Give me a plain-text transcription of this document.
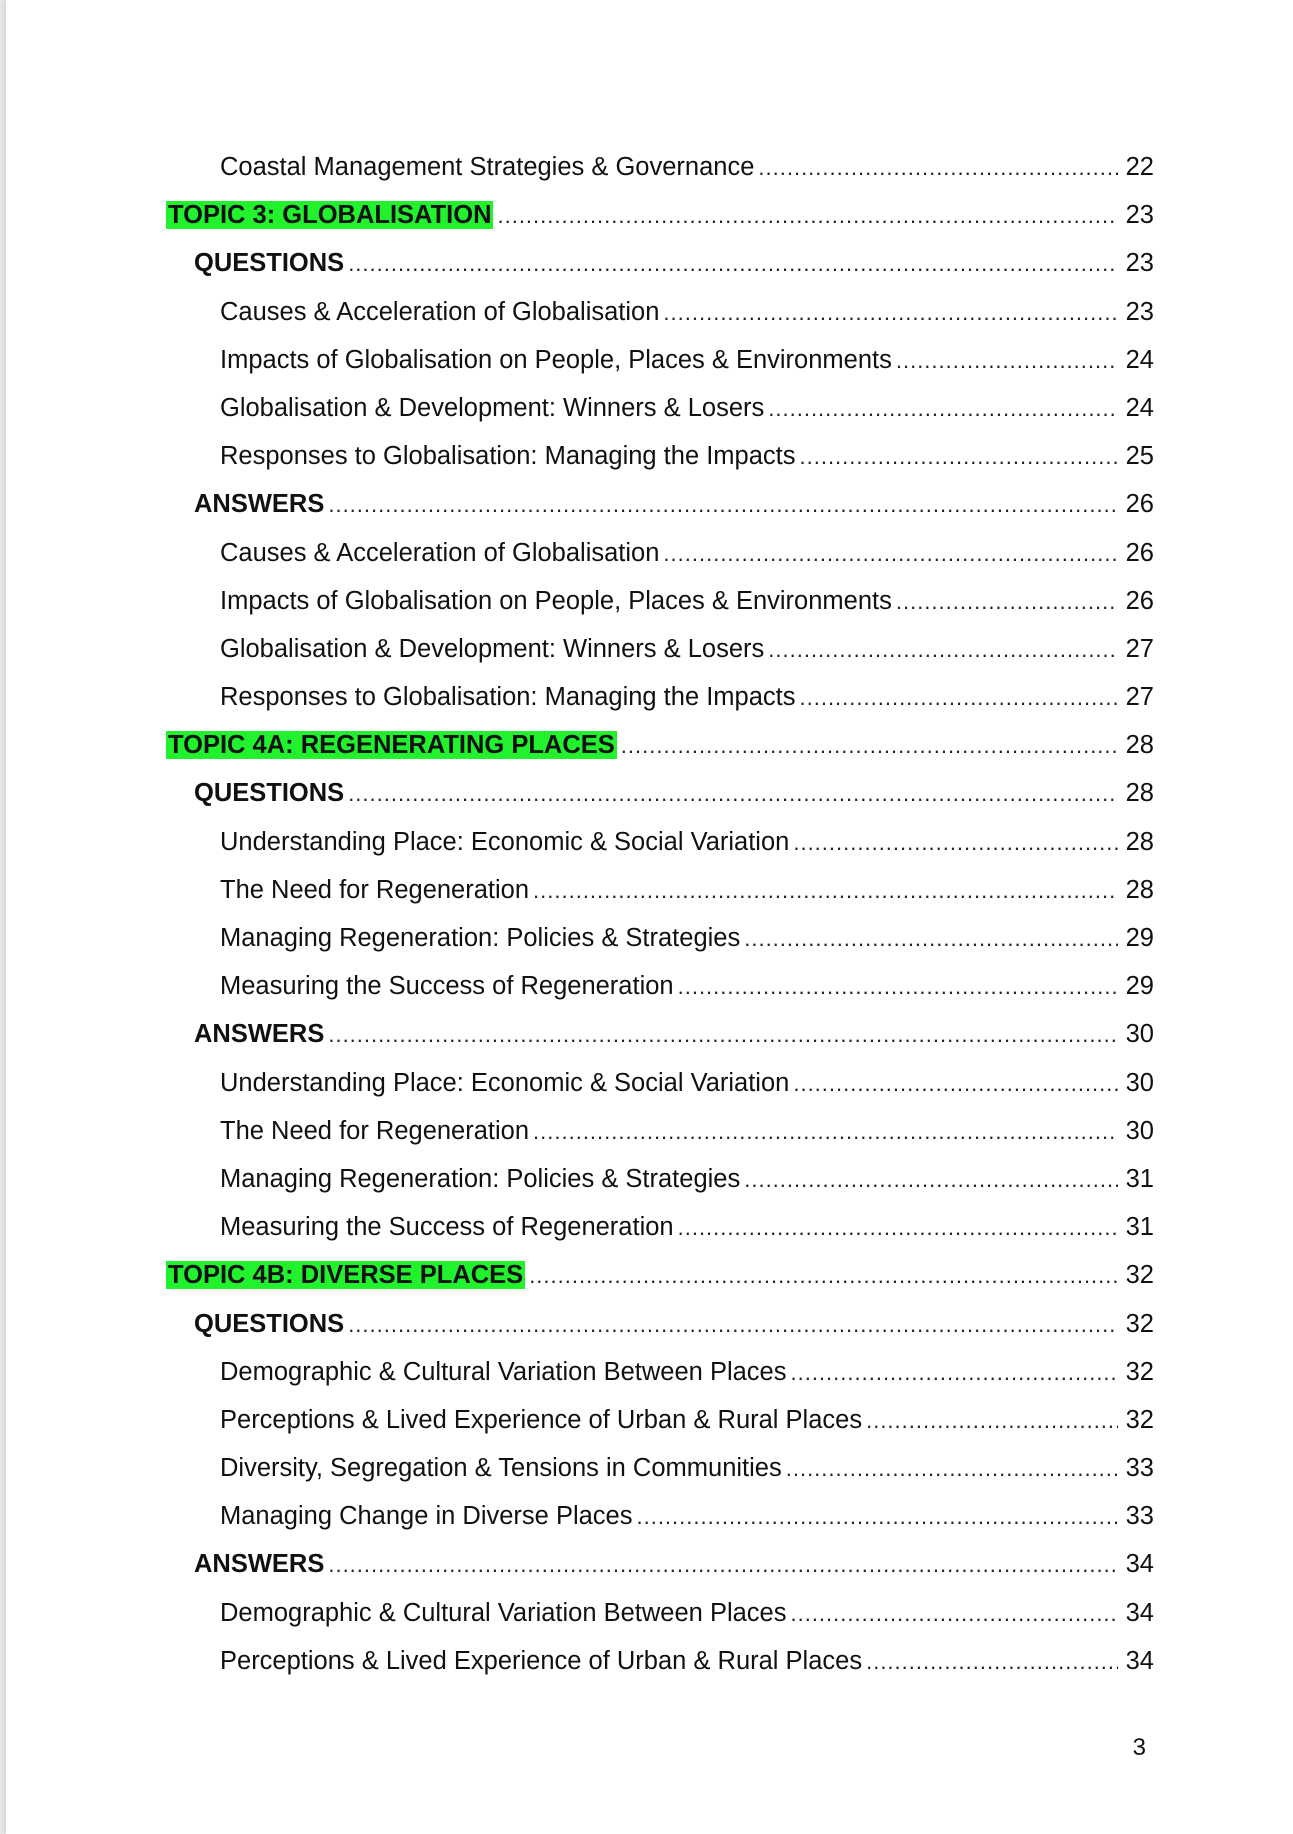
Coastal Management Strategies & Governance .....	22
TOPIC 3: GLOBALISATION .....	23
QUESTIONS .....	23
Causes & Acceleration of Globalisation .....	23
Impacts of Globalisation on People, Places & Environments .....	24
Globalisation & Development: Winners & Losers .....	24
Responses to Globalisation: Managing the Impacts .....	25
ANSWERS .....	26
Causes & Acceleration of Globalisation .....	26
Impacts of Globalisation on People, Places & Environments .....	26
Globalisation & Development: Winners & Losers .....	27
Responses to Globalisation: Managing the Impacts .....	27
TOPIC 4A: REGENERATING PLACES .....	28
QUESTIONS .....	28
Understanding Place: Economic & Social Variation .....	28
The Need for Regeneration .....	28
Managing Regeneration: Policies & Strategies .....	29
Measuring the Success of Regeneration .....	29
ANSWERS .....	30
Understanding Place: Economic & Social Variation .....	30
The Need for Regeneration .....	30
Managing Regeneration: Policies & Strategies .....	31
Measuring the Success of Regeneration .....	31
TOPIC 4B: DIVERSE PLACES .....	32
QUESTIONS .....	32
Demographic & Cultural Variation Between Places .....	32
Perceptions & Lived Experience of Urban & Rural Places .....	32
Diversity, Segregation & Tensions in Communities .....	33
Managing Change in Diverse Places .....	33
ANSWERS .....	34
Demographic & Cultural Variation Between Places .....	34
Perceptions & Lived Experience of Urban & Rural Places .....	34
3
